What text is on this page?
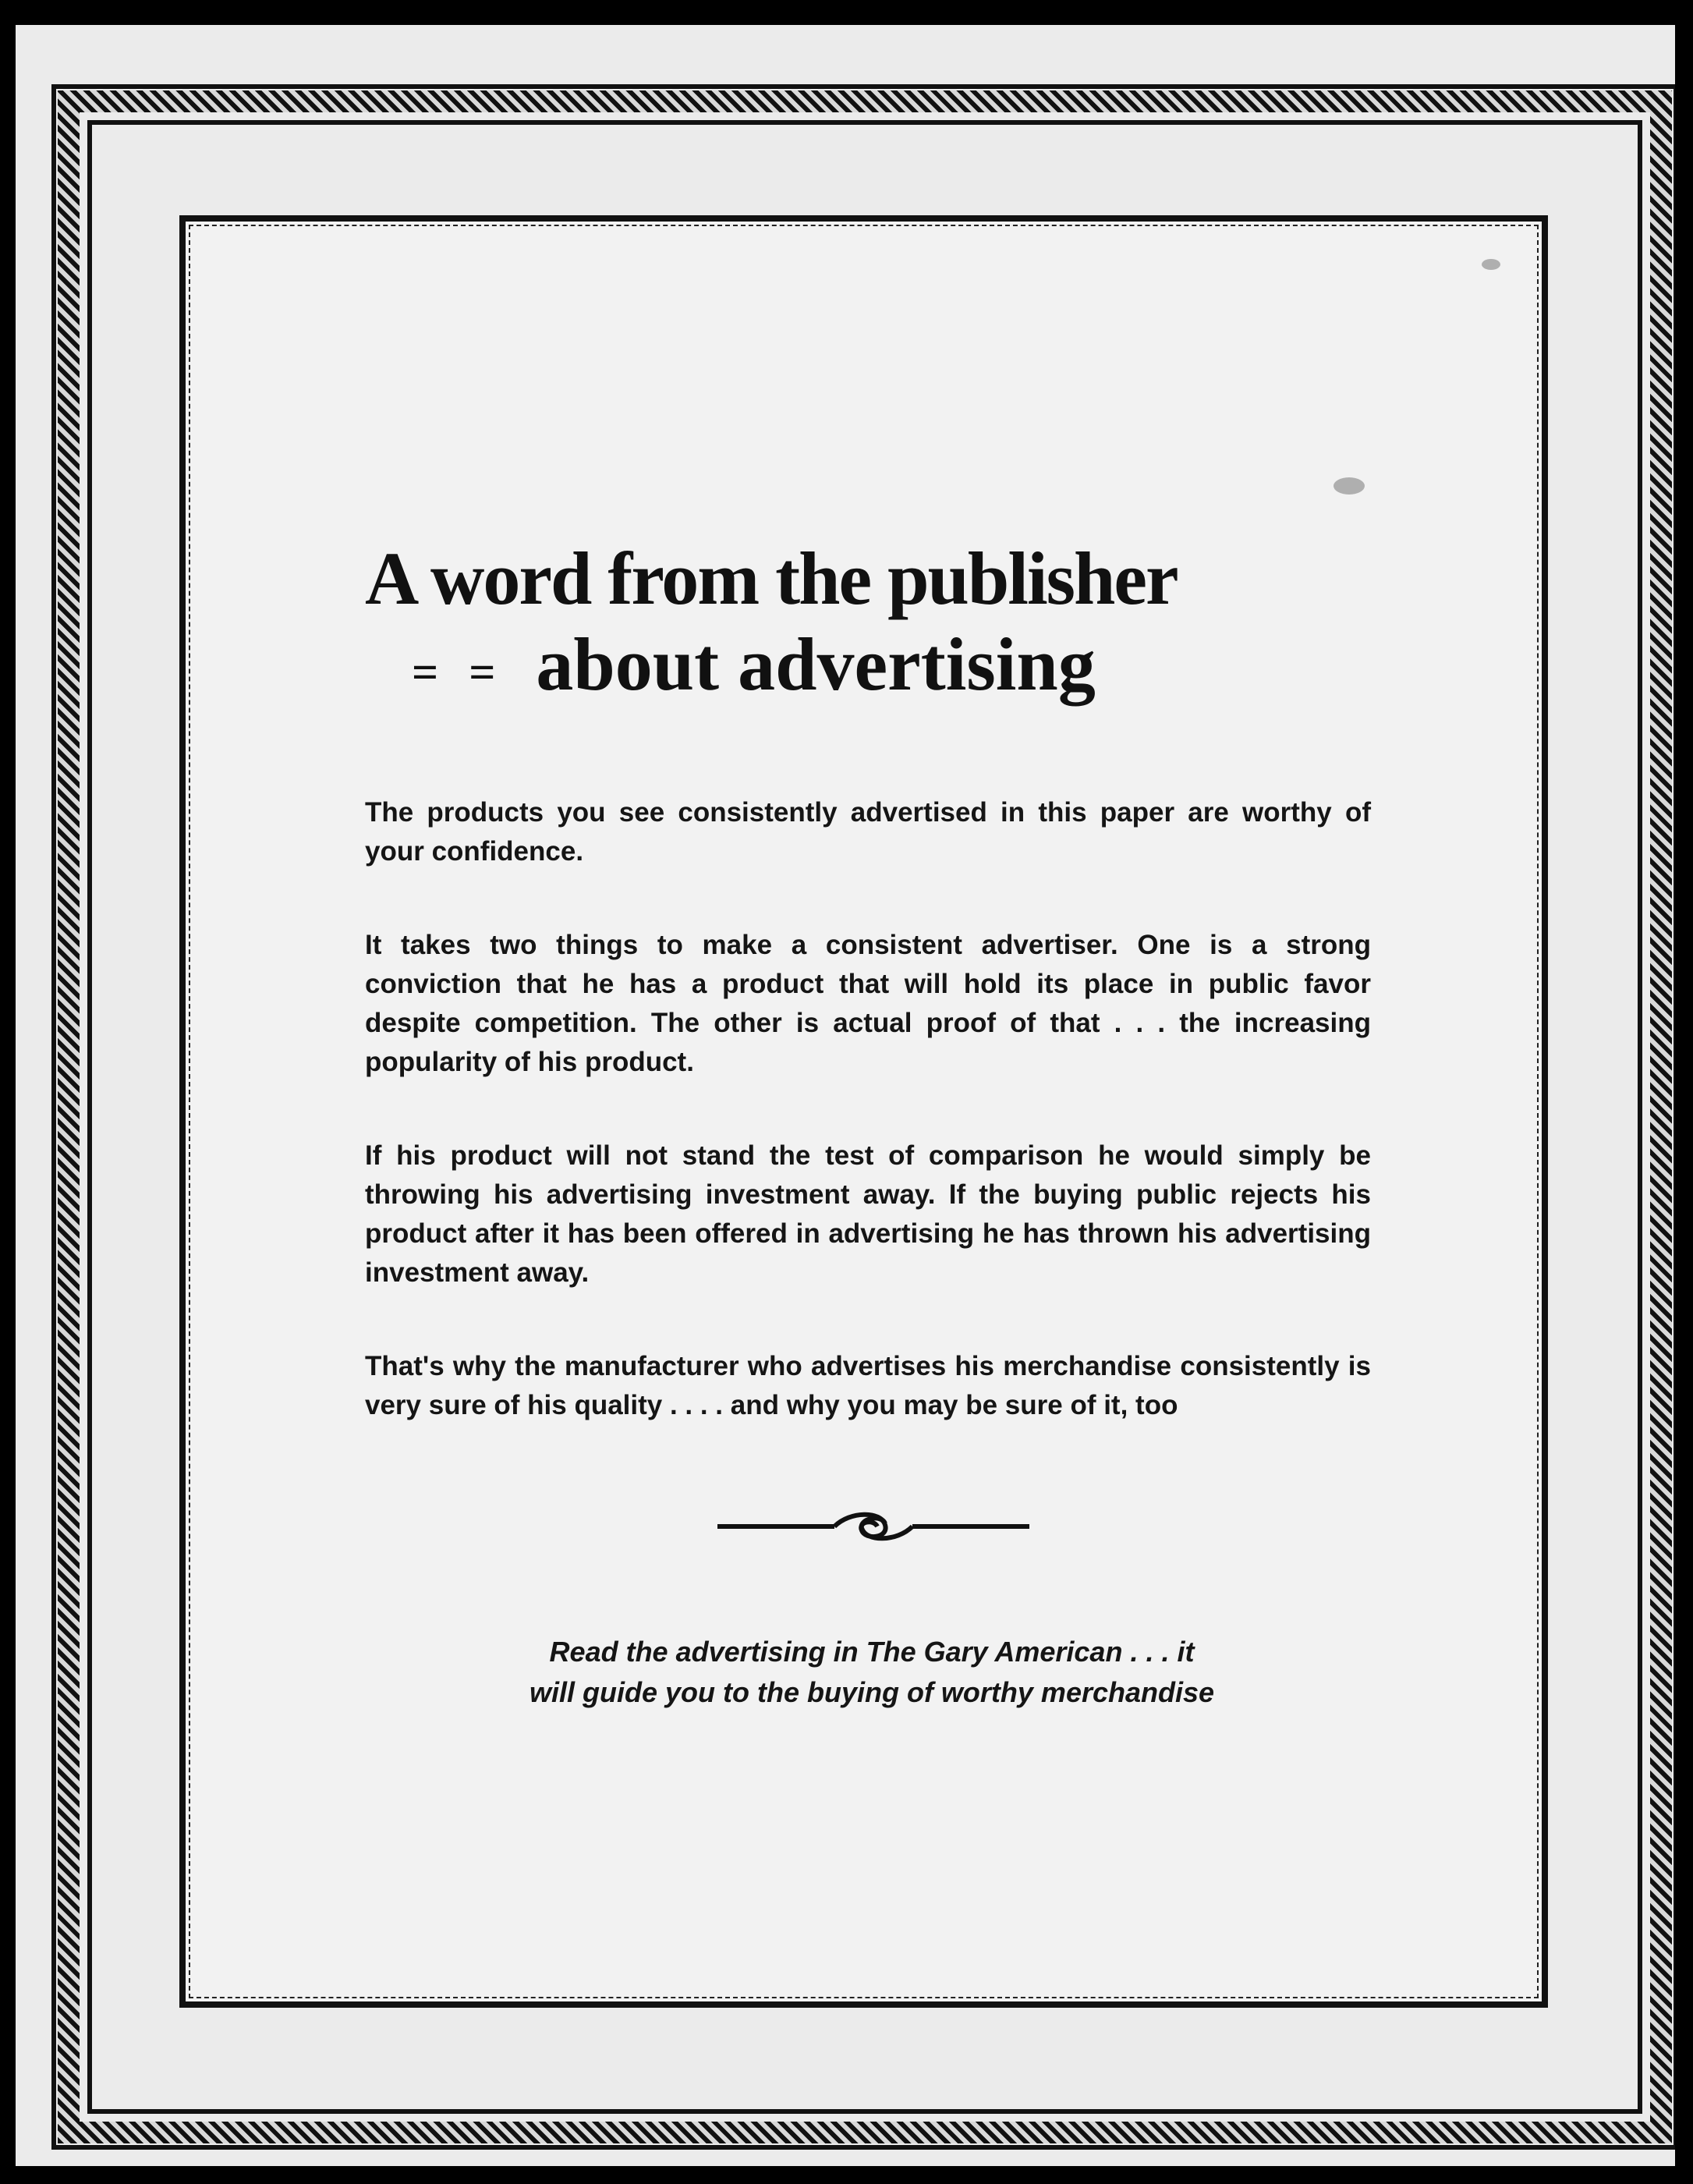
A word from the publisher
= = about advertising

The products you see consistently advertised in this paper are worthy of your confidence.

It takes two things to make a consistent advertiser. One is a strong conviction that he has a product that will hold its place in public favor despite competition. The other is actual proof of that . . . the increasing popularity of his product.

If his product will not stand the test of comparison he would simply be throwing his advertising investment away. If the buying public rejects his product after it has been offered in advertising he has thrown his advertising investment away.

That's why the manufacturer who advertises his merchandise consistently is very sure of his quality . . . . and why you may be sure of it, too

Read the advertising in The Gary American . . . it
will guide you to the buying of worthy merchandise
